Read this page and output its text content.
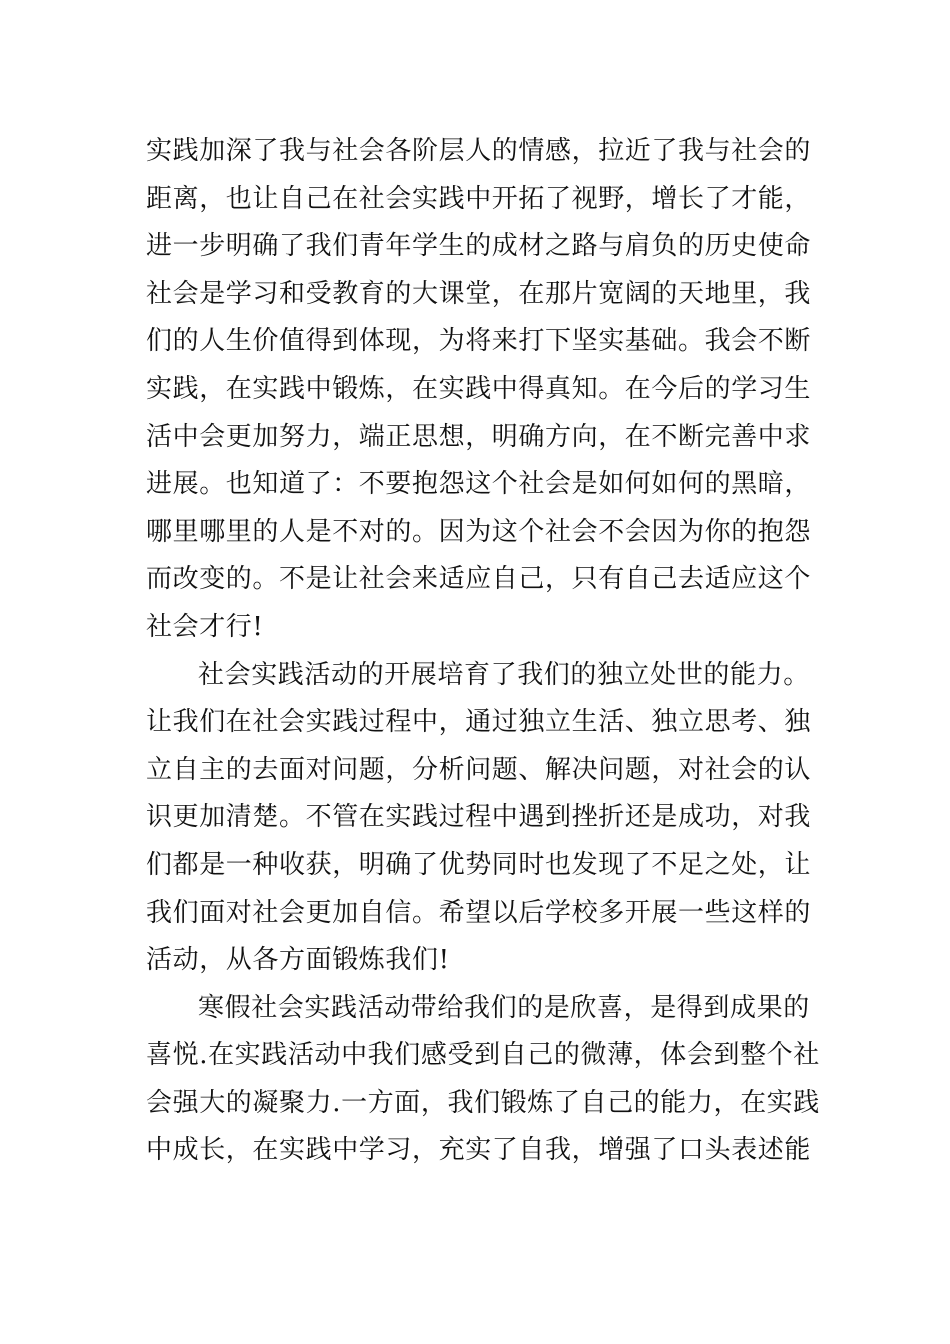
实践加深了我与社会各阶层人的情感，拉近了我与社会的
距离，也让自己在社会实践中开拓了视野，增长了才能，
进一步明确了我们青年学生的成材之路与肩负的历史使命
社会是学习和受教育的大课堂，在那片宽阔的天地里，我
们的人生价值得到体现，为将来打下坚实基础。我会不断
实践，在实践中锻炼，在实践中得真知。在今后的学习生
活中会更加努力，端正思想，明确方向，在不断完善中求
进展。也知道了：不要抱怨这个社会是如何如何的黑暗，
哪里哪里的人是不对的。因为这个社会不会因为你的抱怨
而改变的。不是让社会来适应自己，只有自己去适应这个
社会才行!
社会实践活动的开展培育了我们的独立处世的能力。
让我们在社会实践过程中，通过独立生活、独立思考、独
立自主的去面对问题，分析问题、解决问题，对社会的认
识更加清楚。不管在实践过程中遇到挫折还是成功，对我
们都是一种收获，明确了优势同时也发现了不足之处，让
我们面对社会更加自信。希望以后学校多开展一些这样的
活动，从各方面锻炼我们!
寒假社会实践活动带给我们的是欣喜，是得到成果的
喜悦.在实践活动中我们感受到自己的微薄，体会到整个社
会强大的凝聚力.一方面，我们锻炼了自己的能力，在实践
中成长，在实践中学习，充实了自我，增强了口头表述能
